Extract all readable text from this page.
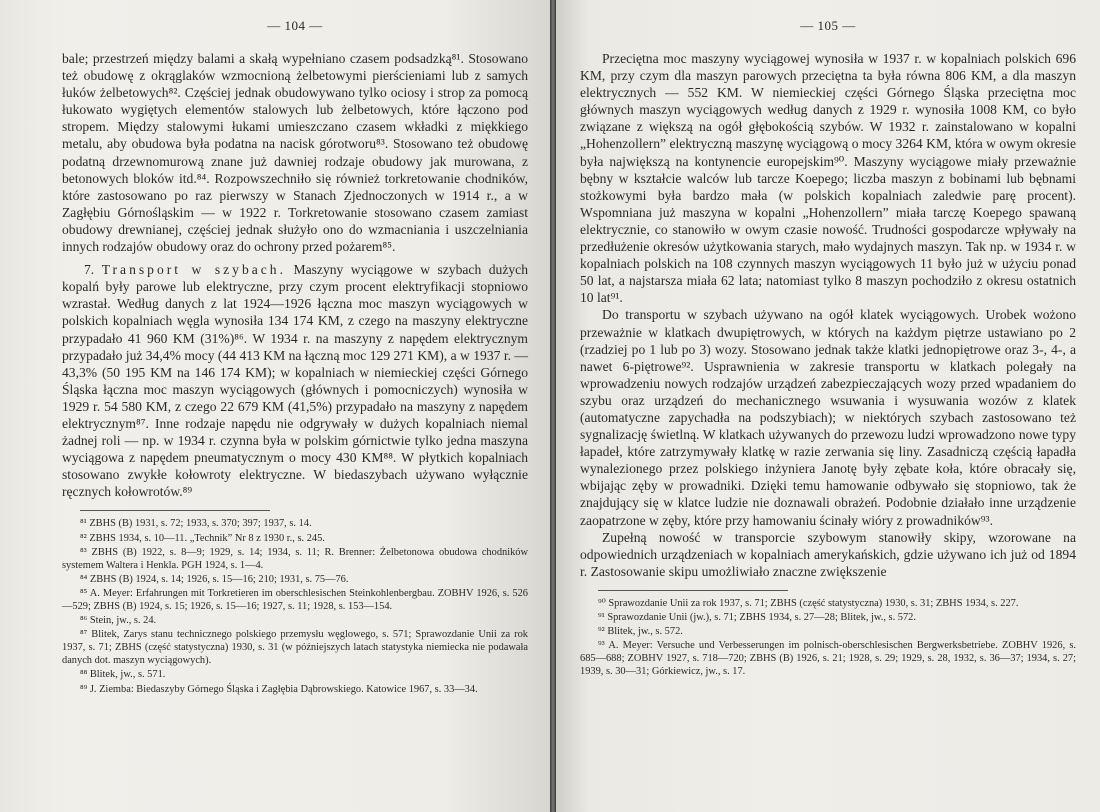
— 104 —

bale; przestrzeń między balami a skałą wypełniano czasem podsadzką⁸¹. Stosowano też obudowę z okrąglaków wzmocnioną żelbetowymi pierścieniami lub z samych łuków żelbetowych⁸². Częściej jednak obudowywano tylko ociosy i strop za pomocą łukowato wygiętych elementów stalowych lub żelbetowych, które łączono pod stropem. Między stalowymi łukami umieszczano czasem wkładki z miękkiego metalu, aby obudowa była podatna na nacisk górotworu⁸³. Stosowano też obudowę podatną drzewnomurową znane już dawniej rodzaje obudowy jak murowana, z betonowych bloków itd.⁸⁴. Rozpowszechniło się również torkretowanie chodników, które zastosowano po raz pierwszy w Stanach Zjednoczonych w 1914 r., a w Zagłębiu Górnośląskim — w 1922 r. Torkretowanie stosowano czasem zamiast obudowy drewnianej, częściej jednak służyło ono do wzmacniania i uszczelniania innych rodzajów obudowy oraz do ochrony przed pożarem⁸⁵.

7. Transport w szybach. Maszyny wyciągowe w szybach dużych kopalń były parowe lub elektryczne, przy czym procent elektryfikacji stopniowo wzrastał. Według danych z lat 1924—1926 łączna moc maszyn wyciągowych w polskich kopalniach węgla wynosiła 134 174 KM, z czego na maszyny elektryczne przypadało 41 960 KM (31%)⁸⁶. W 1934 r. na maszyny z napędem elektrycznym przypadało już 34,4% mocy (44 413 KM na łączną moc 129 271 KM), a w 1937 r. — 43,3% (50 195 KM na 146 174 KM); w kopalniach w niemieckiej części Górnego Śląska łączna moc maszyn wyciągowych (głównych i pomocniczych) wynosiła w 1929 r. 54 580 KM, z czego 22 679 KM (41,5%) przypadało na maszyny z napędem elektrycznym⁸⁷. Inne rodzaje napędu nie odgrywały w dużych kopalniach niemal żadnej roli — np. w 1934 r. czynna była w polskim górnictwie tylko jedna maszyna wyciągowa z napędem pneumatycznym o mocy 430 KM⁸⁸. W płytkich kopalniach stosowano zwykłe kołowroty elektryczne. W biedaszybach używano wyłącznie ręcznych kołowrotów.⁸⁹

⁸¹ ZBHS (B) 1931, s. 72; 1933, s. 370; 397; 1937, s. 14.

⁸² ZBHS 1934, s. 10—11. „Technik” Nr 8 z 1930 r., s. 245.

⁸³ ZBHS (B) 1922, s. 8—9; 1929, s. 14; 1934, s. 11; R. Brenner: Żelbetonowa obudowa chodników systemem Waltera i Henkla. PGH 1924, s. 1—4.

⁸⁴ ZBHS (B) 1924, s. 14; 1926, s. 15—16; 210; 1931, s. 75—76.

⁸⁵ A. Meyer: Erfahrungen mit Torkretieren im oberschlesischen Steinkohlenbergbau. ZOBHV 1926, s. 526—529; ZBHS (B) 1924, s. 15; 1926, s. 15—16; 1927, s. 11; 1928, s. 153—154.

⁸⁶ Stein, jw., s. 24.

⁸⁷ Blitek, Zarys stanu technicznego polskiego przemysłu węglowego, s. 571; Sprawozdanie Unii za rok 1937, s. 71; ZBHS (część statystyczna) 1930, s. 31 (w późniejszych latach statystyka niemiecka nie podawała danych dot. maszyn wyciągowych).

⁸⁸ Blitek, jw., s. 571.

⁸⁹ J. Ziemba: Biedaszyby Górnego Śląska i Zagłębia Dąbrowskiego. Katowice 1967, s. 33—34.

— 105 —

Przeciętna moc maszyny wyciągowej wynosiła w 1937 r. w kopalniach polskich 696 KM, przy czym dla maszyn parowych przeciętna ta była równa 806 KM, a dla maszyn elektrycznych — 552 KM. W niemieckiej części Górnego Śląska przeciętna moc głównych maszyn wyciągowych według danych z 1929 r. wynosiła 1008 KM, co było związane z większą na ogół głębokością szybów. W 1932 r. zainstalowano w kopalni „Hohenzollern” elektryczną maszynę wyciągową o mocy 3264 KM, która w owym okresie była największą na kontynencie europejskim⁹⁰. Maszyny wyciągowe miały przeważnie bębny w kształcie walców lub tarcze Koepego; liczba maszyn z bobinami lub bębnami stożkowymi była bardzo mała (w polskich kopalniach zaledwie parę procent). Wspomniana już maszyna w kopalni „Hohenzollern” miała tarczę Koepego spawaną elektrycznie, co stanowiło w owym czasie nowość. Trudności gospodarcze wpływały na przedłużenie okresów użytkowania starych, mało wydajnych maszyn. Tak np. w 1934 r. w kopalniach polskich na 108 czynnych maszyn wyciągowych 11 było już w użyciu ponad 50 lat, a najstarsza miała 62 lata; natomiast tylko 8 maszyn pochodziło z okresu ostatnich 10 lat⁹¹.

Do transportu w szybach używano na ogół klatek wyciągowych. Urobek wożono przeważnie w klatkach dwupiętrowych, w których na każdym piętrze ustawiano po 2 (rzadziej po 1 lub po 3) wozy. Stosowano jednak także klatki jednopiętrowe oraz 3-, 4-, a nawet 6-piętrowe⁹². Usprawnienia w zakresie transportu w klatkach polegały na wprowadzeniu nowych rodzajów urządzeń zabezpieczających wozy przed wpadaniem do szybu oraz urządzeń do mechanicznego wsuwania i wysuwania wozów z klatek (automatyczne zapychadła na podszybiach); w niektórych szybach zastosowano też sygnalizację świetlną. W klatkach używanych do przewozu ludzi wprowadzono nowe typy łapadeł, które zatrzymywały klatkę w razie zerwania się liny. Zasadniczą częścią łapadła wynalezionego przez polskiego inżyniera Janotę były zębate koła, które obracały się, wbijając zęby w prowadniki. Dzięki temu hamowanie odbywało się stopniowo, tak że znajdujący się w klatce ludzie nie doznawali obrażeń. Podobnie działało inne urządzenie zaopatrzone w zęby, które przy hamowaniu ścinały wióry z prowadników⁹³.

Zupełną nowość w transporcie szybowym stanowiły skipy, wzorowane na odpowiednich urządzeniach w kopalniach amerykańskich, gdzie używano ich już od 1894 r. Zastosowanie skipu umożliwiało znaczne zwiększenie

⁹⁰ Sprawozdanie Unii za rok 1937, s. 71; ZBHS (część statystyczna) 1930, s. 31; ZBHS 1934, s. 227.

⁹¹ Sprawozdanie Unii (jw.), s. 71; ZBHS 1934, s. 27—28; Blitek, jw., s. 572.

⁹² Blitek, jw., s. 572.

⁹³ A. Meyer: Versuche und Verbesserungen im polnisch-oberschlesischen Bergwerksbetriebe. ZOBHV 1926, s. 685—688; ZOBHV 1927, s. 718—720; ZBHS (B) 1926, s. 21; 1928, s. 29; 1929, s. 28, 1932, s. 36—37; 1934, s. 27; 1939, s. 30—31; Górkiewicz, jw., s. 17.
